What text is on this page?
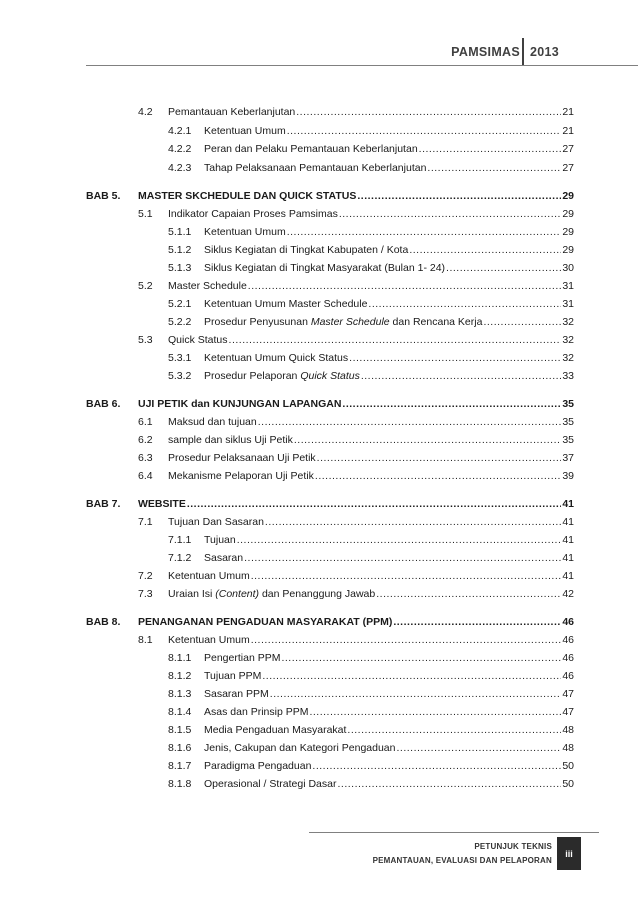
PAMSIMAS 2013
4.2	Pemantauan Keberlanjutan .....	21
4.2.1	Ketentuan Umum .....	21
4.2.2	Peran dan Pelaku Pemantauan Keberlanjutan .....	27
4.2.3	Tahap Pelaksanaan Pemantauan Keberlanjutan .....	27
BAB 5.	MASTER SKCHEDULE DAN QUICK STATUS .....	29
5.1	Indikator Capaian Proses Pamsimas .....	29
5.1.1	Ketentuan Umum .....	29
5.1.2	Siklus Kegiatan di Tingkat Kabupaten / Kota .....	29
5.1.3	Siklus Kegiatan di Tingkat Masyarakat (Bulan 1- 24) .....	30
5.2	Master Schedule .....	31
5.2.1	Ketentuan Umum Master Schedule .....	31
5.2.2	Prosedur Penyusunan Master Schedule dan Rencana Kerja .....	32
5.3	Quick Status .....	32
5.3.1	Ketentuan Umum Quick Status .....	32
5.3.2	Prosedur Pelaporan Quick Status .....	33
BAB 6.	UJI PETIK dan KUNJUNGAN LAPANGAN .....	35
6.1	Maksud dan tujuan .....	35
6.2	sample dan siklus Uji Petik .....	35
6.3	Prosedur Pelaksanaan Uji Petik .....	37
6.4	Mekanisme Pelaporan Uji Petik .....	39
BAB 7.	WEBSITE .....	41
7.1	Tujuan Dan Sasaran .....	41
7.1.1	Tujuan .....	41
7.1.2	Sasaran .....	41
7.2	Ketentuan Umum .....	41
7.3	Uraian Isi (Content) dan Penanggung Jawab .....	42
BAB 8.	PENANGANAN PENGADUAN MASYARAKAT (PPM) .....	46
8.1	Ketentuan Umum .....	46
8.1.1	Pengertian PPM .....	46
8.1.2	Tujuan PPM .....	46
8.1.3	Sasaran PPM .....	47
8.1.4	Asas dan Prinsip PPM .....	47
8.1.5	Media Pengaduan Masyarakat .....	48
8.1.6	Jenis, Cakupan dan Kategori Pengaduan .....	48
8.1.7	Paradigma Pengaduan .....	50
8.1.8	Operasional / Strategi Dasar .....	50
PETUNJUK TEKNIS
PEMANTAUAN, EVALUASI DAN PELAPORAN
iii
